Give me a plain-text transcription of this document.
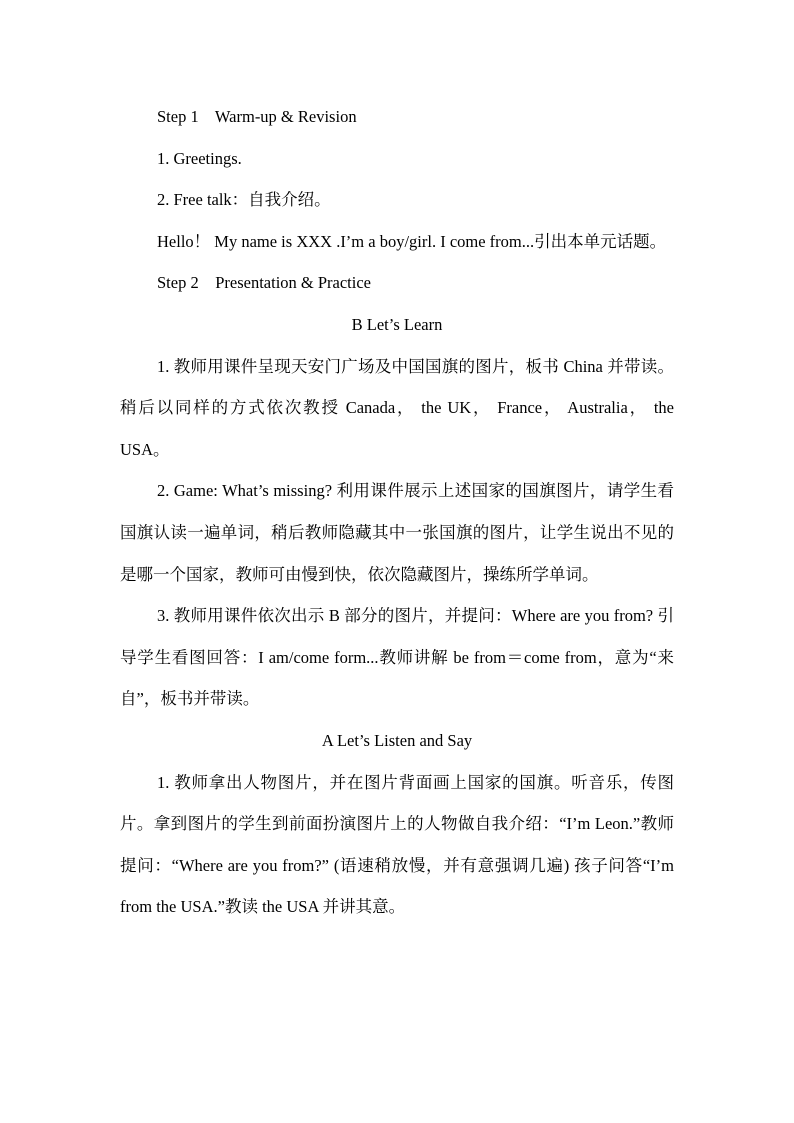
Step 1    Warm-up & Revision

1. Greetings.

2. Free talk：自我介绍。

Hello！ My name is XXX .I’m a boy/girl. I come from...引出本单元话题。

Step 2    Presentation & Practice

B Let’s Learn

1. 教师用课件呈现天安门广场及中国国旗的图片，板书 China 并带读。稍后以同样的方式依次教授 Canada， the UK， France， Australia， the USA。

2. Game: What’s missing? 利用课件展示上述国家的国旗图片，请学生看国旗认读一遍单词，稍后教师隐藏其中一张国旗的图片，让学生说出不见的是哪一个国家，教师可由慢到快，依次隐藏图片，操练所学单词。

3. 教师用课件依次出示 B 部分的图片，并提问：Where are you from? 引导学生看图回答：I am/come form...教师讲解 be from＝come from，意为“来自”，板书并带读。

A Let’s Listen and Say

1. 教师拿出人物图片，并在图片背面画上国家的国旗。听音乐，传图片。拿到图片的学生到前面扮演图片上的人物做自我介绍：“I’m Leon.”教师提问：“Where are you from?” (语速稍放慢，并有意强调几遍) 孩子问答“I’m from the USA.”教读 the USA 并讲其意。
